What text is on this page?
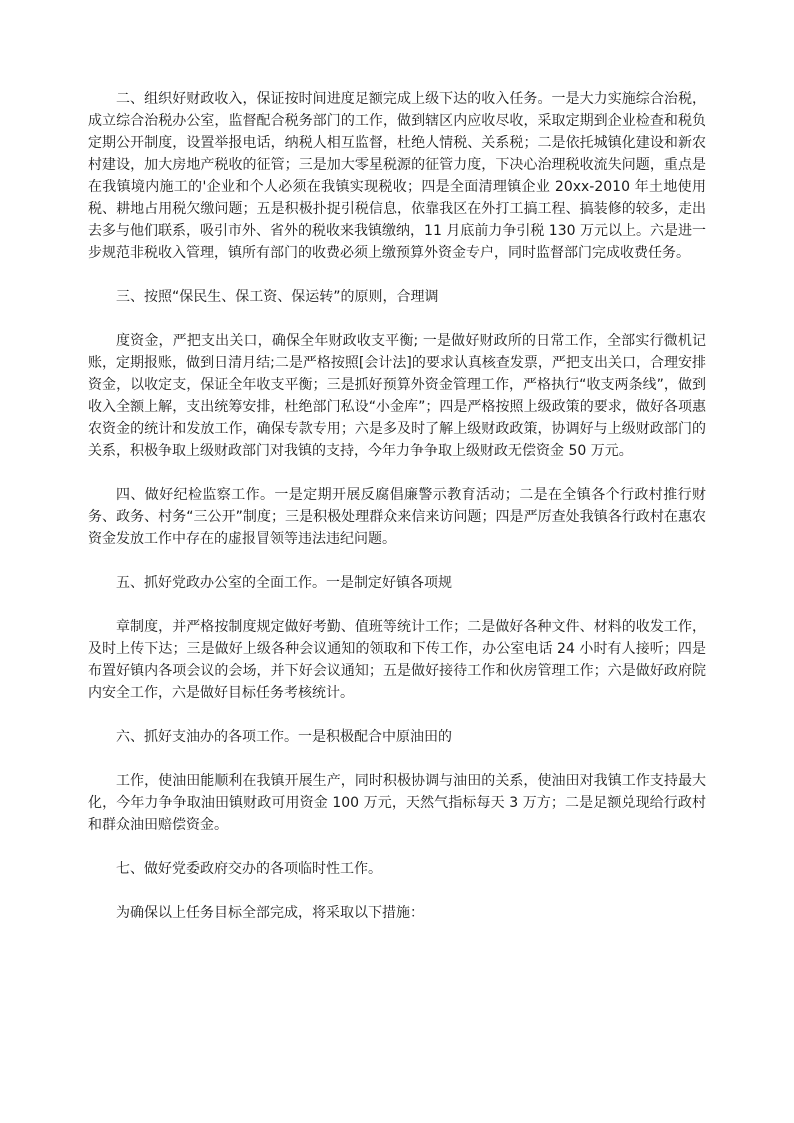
二、组织好财政收入，保证按时间进度足额完成上级下达的收入任务。一是大力实施综合治税，成立综合治税办公室，监督配合税务部门的工作，做到辖区内应收尽收，采取定期到企业检查和税负定期公开制度，设置举报电话，纳税人相互监督，杜绝人情税、关系税；二是依托城镇化建设和新农村建设，加大房地产税收的征管；三是加大零星税源的征管力度，下决心治理税收流失问题，重点是在我镇境内施工的'企业和个人必须在我镇实现税收；四是全面清理镇企业 20xx-2010 年土地使用税、耕地占用税欠缴问题；五是积极扑捉引税信息，依靠我区在外打工搞工程、搞装修的较多，走出去多与他们联系，吸引市外、省外的税收来我镇缴纳，11 月底前力争引税 130 万元以上。六是进一步规范非税收入管理，镇所有部门的收费必须上缴预算外资金专户，同时监督部门完成收费任务。

三、按照“保民生、保工资、保运转”的原则，合理调

度资金，严把支出关口，确保全年财政收支平衡; 一是做好财政所的日常工作，全部实行微机记账，定期报账，做到日清月结;二是严格按照[会计法]的要求认真核查发票，严把支出关口，合理安排资金，以收定支，保证全年收支平衡；三是抓好预算外资金管理工作，严格执行“收支两条线”，做到收入全额上解，支出统筹安排，杜绝部门私设“小金库”；四是严格按照上级政策的要求，做好各项惠农资金的统计和发放工作，确保专款专用；六是多及时了解上级财政政策，协调好与上级财政部门的关系，积极争取上级财政部门对我镇的支持，今年力争争取上级财政无偿资金 50 万元。

四、做好纪检监察工作。一是定期开展反腐倡廉警示教育活动；二是在全镇各个行政村推行财务、政务、村务“三公开”制度；三是积极处理群众来信来访问题；四是严厉查处我镇各行政村在惠农资金发放工作中存在的虚报冒领等违法违纪问题。

五、抓好党政办公室的全面工作。一是制定好镇各项规

章制度，并严格按制度规定做好考勤、值班等统计工作；二是做好各种文件、材料的收发工作，及时上传下达；三是做好上级各种会议通知的领取和下传工作，办公室电话 24 小时有人接听；四是布置好镇内各项会议的会场，并下好会议通知；五是做好接待工作和伙房管理工作；六是做好政府院内安全工作，六是做好目标任务考核统计。

六、抓好支油办的各项工作。一是积极配合中原油田的

工作，使油田能顺利在我镇开展生产，同时积极协调与油田的关系，使油田对我镇工作支持最大化，今年力争争取油田镇财政可用资金 100 万元，天然气指标每天 3 万方；二是足额兑现给行政村和群众油田赔偿资金。

七、做好党委政府交办的各项临时性工作。

为确保以上任务目标全部完成，将采取以下措施：
